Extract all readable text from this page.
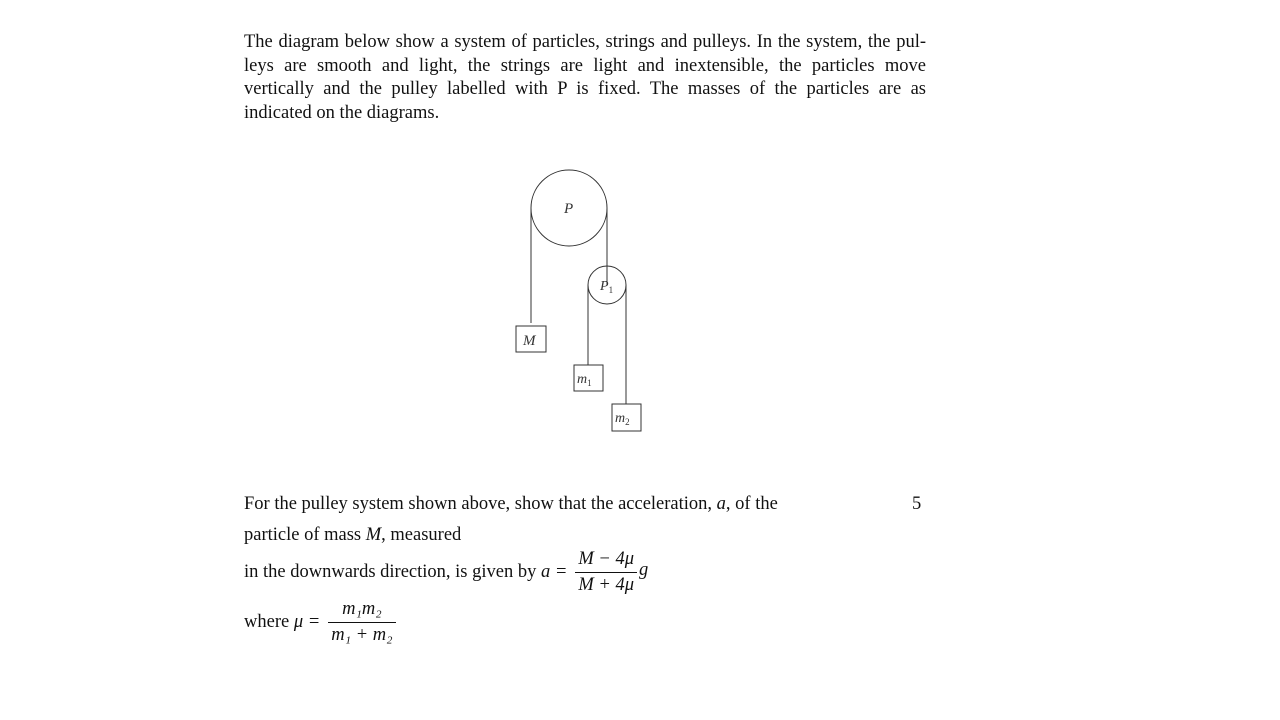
The diagram below show a system of particles, strings and pulleys. In the system, the pul-leys are smooth and light, the strings are light and inextensible, the particles move vertically and the pulley labelled with P is fixed. The masses of the particles are as indicated on the diagrams.

P
$P_1$
M
$m_1$
$m_2$
For the pulley system shown above, show that the acceleration, a, of the	5
particle of mass M, measured
in the downwards direction, is given by $a = \frac{M - 4\mu}{M + 4\mu}$ g
where $\mu = \frac{\text{m₁m₂}}{\text{m₁ + m₂}}$
